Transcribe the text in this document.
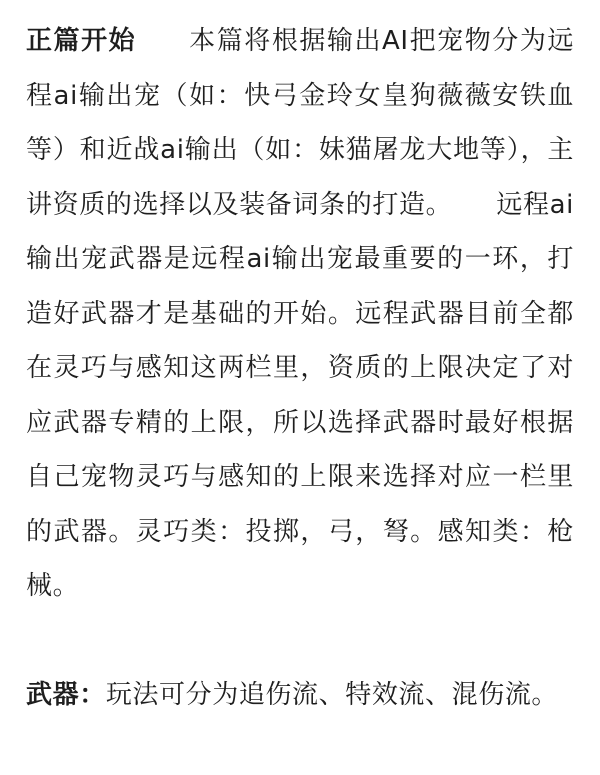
正篇开始 本篇将根据输出AI把宠物分为远程ai输出宠（如：快弓金玲女皇狗薇薇安铁血等）和近战ai输出（如：妹猫屠龙大地等），主讲资质的选择以及装备词条的打造。 远程ai输出宠武器是远程ai输出宠最重要的一环，打造好武器才是基础的开始。远程武器目前全都在灵巧与感知这两栏里，资质的上限决定了对应武器专精的上限，所以选择武器时最好根据自己宠物灵巧与感知的上限来选择对应一栏里的武器。灵巧类：投掷，弓，弩。感知类：枪械。

武器：玩法可分为追伤流、特效流、混伤流。
